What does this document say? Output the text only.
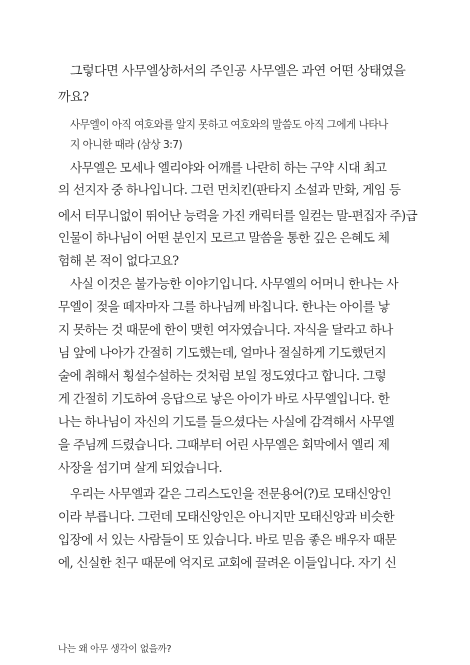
그렇다면 사무엘상하서의 주인공 사무엘은 과연 어떤 상태였을
까요?
사무엘이 아직 여호와를 알지 못하고 여호와의 말씀도 아직 그에게 나타나
지 아니한 때라 (삼상 3:7)
사무엘은 모세나 엘리야와 어깨를 나란히 하는 구약 시대 최고
의 선지자 중 하나입니다. 그런 먼치킨(판타지 소설과 만화, 게임 등
에서 터무니없이 뛰어난 능력을 가진 캐릭터를 일컫는 말-편집자 주)급
인물이 하나님이 어떤 분인지 모르고 말씀을 통한 깊은 은혜도 체
험해 본 적이 없다고요?
사실 이것은 불가능한 이야기입니다. 사무엘의 어머니 한나는 사
무엘이 젖을 떼자마자 그를 하나님께 바칩니다. 한나는 아이를 낳
지 못하는 것 때문에 한이 맺힌 여자였습니다. 자식을 달라고 하나
님 앞에 나아가 간절히 기도했는데, 얼마나 절실하게 기도했던지
술에 취해서 횡설수설하는 것처럼 보일 정도였다고 합니다. 그렇
게 간절히 기도하여 응답으로 낳은 아이가 바로 사무엘입니다. 한
나는 하나님이 자신의 기도를 들으셨다는 사실에 감격해서 사무엘
을 주님께 드렸습니다. 그때부터 어린 사무엘은 회막에서 엘리 제
사장을 섬기며 살게 되었습니다.
우리는 사무엘과 같은 그리스도인을 전문용어(?)로 모태신앙인
이라 부릅니다. 그런데 모태신앙인은 아니지만 모태신앙과 비슷한
입장에 서 있는 사람들이 또 있습니다. 바로 믿음 좋은 배우자 때문
에, 신실한 친구 때문에 억지로 교회에 끌려온 이들입니다. 자기 신
나는 왜 아무 생각이 없을까?
